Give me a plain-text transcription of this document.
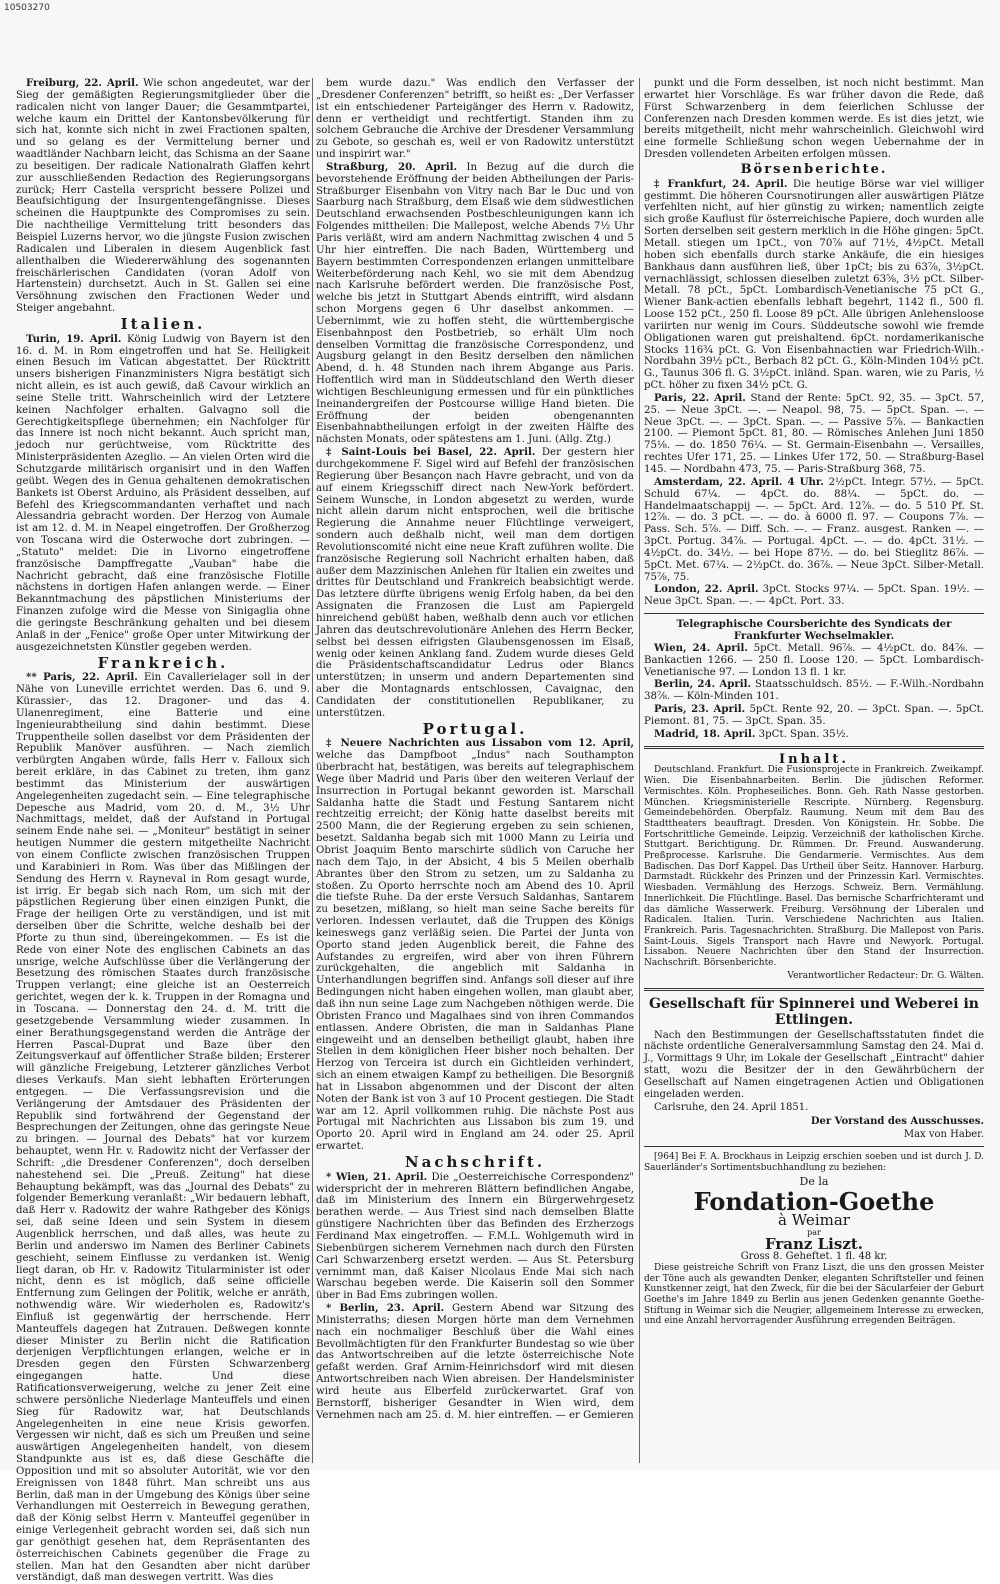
10503270

Freiburg, 22. April. Wie schon angedeutet, war der Sieg der gemäßigten Regierungsmitglieder über die radicalen nicht von langer Dauer; die Gesammtpartei, welche kaum ein Drittel der Kantonsbevölkerung für sich hat, konnte sich nicht in zwei Fractionen spalten, und so gelang es der Vermittelung berner und waadtländer Nachbarn leicht, das Schisma an der Saane zu beseitigen. Der radicale Nationalrath Glaffen kehrt zur ausschließenden Redaction des Regierungsorgans zurück; Herr Castella verspricht bessere Polizei und Beaufsichtigung der Insurgentengefängnisse. Dieses scheinen die Hauptpunkte des Compromises zu sein. Die nachtheilige Vermittelung tritt besonders das Beispiel Luzerns hervor, wo die jüngste Fusion zwischen Radicalen und Liberalen in diesem Augenblick fast allenthalben die Wiedererwählung des sogenannten freischärlerischen Candidaten (voran Adolf von Hartenstein) durchsetzt. Auch in St. Gallen sei eine Versöhnung zwischen den Fractionen Weder und Steiger angebahnt.

Italien.

Turin, 19. April. König Ludwig von Bayern ist den 16. d. M. in Rom eingetroffen und hat Se. Heiligkeit einen Besuch im Vatican abgestattet. Der Rücktritt unsers bisherigen Finanzministers Nigra bestätigt sich nicht allein, es ist auch gewiß, daß Cavour wirklich an seine Stelle tritt. Wahrscheinlich wird der Letztere keinen Nachfolger erhalten. Galvagno soll die Gerechtigkeitspflege übernehmen; ein Nachfolger für das Innere ist noch nicht bekannt. Auch spricht man, jedoch nur gerüchtweise, vom Rücktritte des Ministerpräsidenten Azeglio. — An vielen Orten wird die Schutzgarde militärisch organisirt und in den Waffen geübt. Wegen des in Genua gehaltenen demokratischen Bankets ist Oberst Arduino, als Präsident desselben, auf Befehl des Kriegscommandanten verhaftet und nach Alessandria gebracht worden. Der Herzog von Aumale ist am 12. d. M. in Neapel eingetroffen. Der Großherzog von Toscana wird die Osterwoche dort zubringen. — „Statuto" meldet: Die in Livorno eingetroffene französische Dampffregatte „Vauban" habe die Nachricht gebracht, daß eine französische Flotille nächstens in dortigen Hafen anlangen werde. — Einer Bekanntmachung des päpstlichen Ministeriums der Finanzen zufolge wird die Messe von Sinigaglia ohne die geringste Beschränkung gehalten und bei diesem Anlaß in der „Fenice" große Oper unter Mitwirkung der ausgezeichnetsten Künstler gegeben werden.

Frankreich.

** Paris, 22. April. Ein Cavallerielager soll in der Nähe von Luneville errichtet werden. Das 6. und 9. Kürassier-, das 12. Dragoner- und das 4. Ulanenregiment, eine Batterie und eine Ingenieurabtheilung sind dahin bestimmt. Diese Truppentheile sollen daselbst vor dem Präsidenten der Republik Manöver ausführen. — Nach ziemlich verbürgten Angaben würde, falls Herr v. Falloux sich bereit erkläre, in das Cabinet zu treten, ihm ganz bestimmt das Ministerium der auswärtigen Angelegenheiten zugedacht sein. — Eine telegraphische Depesche aus Madrid, vom 20. d. M., 3½ Uhr Nachmittags, meldet, daß der Aufstand in Portugal seinem Ende nahe sei. — „Moniteur" bestätigt in seiner heutigen Nummer die gestern mitgetheilte Nachricht von einem Conflicte zwischen französischen Truppen und Karabinieri in Rom. Was über das Mißlingen der Sendung des Herrn v. Rayneval in Rom gesagt wurde, ist irrig. Er begab sich nach Rom, um sich mit der päpstlichen Regierung über einen einzigen Punkt, die Frage der heiligen Orte zu verständigen, und ist mit derselben über die Schritte, welche deshalb bei der Pforte zu thun sind, übereingekommen. — Es ist die Rede von einer Note des englischen Cabinets an das unsrige, welche Aufschlüsse über die Verlängerung der Besetzung des römischen Staates durch französische Truppen verlangt; eine gleiche ist an Oesterreich gerichtet, wegen der k. k. Truppen in der Romagna und in Toscana. — Donnerstag den 24. d. M. tritt die gesetzgebende Versammlung wieder zusammen. In einer Berathungsgegenstand werden die Anträge der Herren Pascal-Duprat und Baze über den Zeitungsverkauf auf öffentlicher Straße bilden; Ersterer will gänzliche Freigebung, Letzterer gänzliches Verbot dieses Verkaufs. Man sieht lebhaften Erörterungen entgegen. — Die Verfassungsrevision und die Verlängerung der Amtsdauer des Präsidenten der Republik sind fortwährend der Gegenstand der Besprechungen der Zeitungen, ohne das geringste Neue zu bringen. — Journal des Debats" hat vor kurzem behauptet, wenn Hr. v. Radowitz nicht der Verfasser der Schrift: „die Dresdener Conferenzen", doch derselben nahestehend sei. Die „Preuß. Zeitung" hat diese Behauptung bekämpft, was das „Journal des Debats" zu folgender Bemerkung veranlaßt: „Wir bedauern lebhaft, daß Herr v. Radowitz der wahre Rathgeber des Königs sei, daß seine Ideen und sein System in diesem Augenblick herrschen, und daß alles, was heute zu Berlin und anderswo im Namen des Berliner Cabinets geschieht, seinem Einflusse zu verdanken ist. Wenig liegt daran, ob Hr. v. Radowitz Titularminister ist oder nicht, denn es ist möglich, daß seine officielle Entfernung zum Gelingen der Politik, welche er anräth, nothwendig wäre. Wir wiederholen es, Radowitz's Einfluß ist gegenwärtig der herrschende. Herr Manteuffels dagegen hat Zutrauen. Deßwegen konnte dieser Minister zu Berlin nicht die Ratification derjenigen Verpflichtungen erlangen, welche er in Dresden gegen den Fürsten Schwarzenberg eingegangen hatte. Und diese Ratificationsverweigerung, welche zu jener Zeit eine schwere persönliche Niederlage Manteuffels und einen Sieg für Radowitz war, hat Deutschlands Angelegenheiten in eine neue Krisis geworfen. Vergessen wir nicht, daß es sich um Preußen und seine auswärtigen Angelegenheiten handelt, von diesem Standpunkte aus ist es, daß diese Geschäfte die Opposition und mit so absoluter Autorität, wie vor den Ereignissen von 1848 führt. Man schreibt uns aus Berlin, daß man in der Umgebung des Königs über seine Verhandlungen mit Oesterreich in Bewegung gerathen, daß der König selbst Herrn v. Manteuffel gegenüber in einige Verlegenheit gebracht worden sei, daß sich nun gar genöthigt gesehen hat, dem Repräsentanten des österreichischen Cabinets gegenüber die Frage zu stellen. Man hat den Gesandten aber nicht darüber verständigt, daß man deswegen vertritt. Was dies

bem wurde dazu." Was endlich den Verfasser der „Dresdener Conferenzen" betrifft, so heißt es: „Der Verfasser ist ein entschiedener Parteigänger des Herrn v. Radowitz, denn er vertheidigt und rechtfertigt. Standen ihm zu solchem Gebrauche die Archive der Dresdener Versammlung zu Gebote, so geschah es, weil er von Radowitz unterstützt und inspirirt war."

Straßburg, 20. April. In Bezug auf die durch die bevorstehende Eröffnung der beiden Abtheilungen der Paris-Straßburger Eisenbahn von Vitry nach Bar le Duc und von Saarburg nach Straßburg, dem Elsaß wie dem südwestlichen Deutschland erwachsenden Postbeschleunigungen kann ich Folgendes mittheilen: Die Mallepost, welche Abends 7½ Uhr Paris verläßt, wird am andern Nachmittag zwischen 4 und 5 Uhr hier eintreffen. Die nach Baden, Württemberg und Bayern bestimmten Correspondenzen erlangen unmittelbare Weiterbeförderung nach Kehl, wo sie mit dem Abendzug nach Karlsruhe befördert werden. Die französische Post, welche bis jetzt in Stuttgart Abends eintrifft, wird alsdann schon Morgens gegen 6 Uhr daselbst ankommen. — Uebernimmt, wie zu hoffen steht, die württembergische Eisenbahnpost den Postbetrieb, so erhält Ulm noch denselben Vormittag die französische Correspondenz, und Augsburg gelangt in den Besitz derselben den nämlichen Abend, d. h. 48 Stunden nach ihrem Abgange aus Paris. Hoffentlich wird man in Süddeutschland den Werth dieser wichtigen Beschleunigung ermessen und für ein pünktliches Ineinandergreifen der Postcourse willige Hand bieten. Die Eröffnung der beiden obengenannten Eisenbahnabtheilungen erfolgt in der zweiten Hälfte des nächsten Monats, oder spätestens am 1. Juni. (Allg. Ztg.)

‡ Saint-Louis bei Basel, 22. April. Der gestern hier durchgekommene F. Sigel wird auf Befehl der französischen Regierung über Besançon nach Havre gebracht, und von da auf einem Kriegsschiff direct nach New-York befördert. Seinem Wunsche, in London abgesetzt zu werden, wurde nicht allein darum nicht entsprochen, weil die britische Regierung die Annahme neuer Flüchtlinge verweigert, sondern auch deßhalb nicht, weil man dem dortigen Revolutionscomité nicht eine neue Kraft zuführen wollte. Die französische Regierung soll Nachricht erhalten haben, daß außer dem Mazzinischen Anlehen für Italien ein zweites und drittes für Deutschland und Frankreich beabsichtigt werde. Das letztere dürfte übrigens wenig Erfolg haben, da bei den Assignaten die Franzosen die Lust am Papiergeld hinreichend gebüßt haben, weßhalb denn auch vor etlichen Jahren das deutschrevolutionäre Anlehen des Herrn Becker, selbst bei dessen eifrigsten Glaubensgenossen im Elsaß, wenig oder keinen Anklang fand. Zudem wurde dieses Geld die Präsidentschaftscandidatur Ledrus oder Blancs unterstützen; in unserm und andern Departementen sind aber die Montagnards entschlossen, Cavaignac, den Candidaten der constitutionellen Republikaner, zu unterstützen.

Portugal.

‡ Neuere Nachrichten aus Lissabon vom 12. April, welche das Dampfboot „Indus" nach Southampton überbracht hat, bestätigen, was bereits auf telegraphischem Wege über Madrid und Paris über den weiteren Verlauf der Insurrection in Portugal bekannt geworden ist. Marschall Saldanha hatte die Stadt und Festung Santarem nicht rechtzeitig erreicht; der König hatte daselbst bereits mit 2500 Mann, die der Regierung ergeben zu sein schienen, besetzt. Saldanha begab sich mit 1000 Mann zu Leiria und Obrist Joaquim Bento marschirte südlich von Caruche her nach dem Tajo, in der Absicht, 4 bis 5 Meilen oberhalb Abrantes über den Strom zu setzen, um zu Saldanha zu stoßen. Zu Oporto herrschte noch am Abend des 10. April die tiefste Ruhe. Da der erste Versuch Saldanhas, Santarem zu besetzen, mißlang, so hielt man seine Sache bereits für verloren. Indessen verlautet, daß die Truppen des Königs keineswegs ganz verläßig seien. Die Partei der Junta von Oporto stand jeden Augenblick bereit, die Fahne des Aufstandes zu ergreifen, wird aber von ihren Führern zurückgehalten, die angeblich mit Saldanha in Unterhandlungen begriffen sind. Anfangs soll dieser auf ihre Bedingungen nicht haben eingehen wollen, man glaubt aber, daß ihn nun seine Lage zum Nachgeben nöthigen werde. Die Obristen Franco und Magalhaes sind von ihren Commandos entlassen. Andere Obristen, die man in Saldanhas Plane eingeweiht und an denselben betheiligt glaubt, haben ihre Stellen in dem königlichen Heer bisher noch behalten. Der Herzog von Terceira ist durch ein Gichtleiden verhindert, sich an einem etwaigen Kampf zu betheiligen. Die Besorgniß hat in Lissabon abgenommen und der Discont der alten Noten der Bank ist von 3 auf 10 Procent gestiegen. Die Stadt war am 12. April vollkommen ruhig. Die nächste Post aus Portugal mit Nachrichten aus Lissabon bis zum 19. und Oporto 20. April wird in England am 24. oder 25. April erwartet.

Nachschrift.

* Wien, 21. April. Die „Oesterreichische Correspondenz" widerspricht der in mehreren Blättern befindlichen Angabe, daß im Ministerium des Innern ein Bürgerwehrgesetz berathen werde. — Aus Triest sind nach demselben Blatte günstigere Nachrichten über das Befinden des Erzherzogs Ferdinand Max eingetroffen. — F.M.L. Wohlgemuth wird in Siebenbürgen sicherem Vernehmen nach durch den Fürsten Carl Schwarzenberg ersetzt werden. — Aus St. Petersburg vernimmt man, daß Kaiser Nicolaus Ende Mai sich nach Warschau begeben werde. Die Kaiserin soll den Sommer über in Bad Ems zubringen wollen.

* Berlin, 23. April. Gestern Abend war Sitzung des Ministerraths; diesen Morgen hörte man dem Vernehmen nach ein nochmaliger Beschluß über die Wahl eines Bevollmächtigten für den Frankfurter Bundestag so wie über das Antwortschreiben auf die letzte österreichische Note gefaßt werden. Graf Arnim-Heinrichsdorf wird mit diesen Antwortschreiben nach Wien abreisen. Der Handelsminister wird heute aus Elberfeld zurückerwartet. Graf von Bernstorff, bisheriger Gesandter in Wien wird, dem Vernehmen nach am 25. d. M. hier eintreffen. — er Gemieren

punkt und die Form desselben, ist noch nicht bestimmt. Man erwartet hier Vorschläge. Es war früher davon die Rede, daß Fürst Schwarzenberg in dem feierlichen Schlusse der Conferenzen nach Dresden kommen werde. Es ist dies jetzt, wie bereits mitgetheilt, nicht mehr wahrscheinlich. Gleichwohl wird eine formelle Schließung schon wegen Uebernahme der in Dresden vollendeten Arbeiten erfolgen müssen.

Börsenberichte.

‡ Frankfurt, 24. April. Die heutige Börse war viel williger gestimmt. Die höheren Coursnotirungen aller auswärtigen Plätze verfehlten nicht, auf hier günstig zu wirken; namentlich zeigte sich große Kauflust für österreichische Papiere, doch wurden alle Sorten derselben seit gestern merklich in die Höhe gingen: 5pCt. Metall. stiegen um 1pCt., von 70⅞ auf 71½, 4½pCt. Metall hoben sich ebenfalls durch starke Ankäufe, die ein hiesiges Bankhaus dann ausführen ließ, über 1pCt; bis zu 63⅞, 3½pCt. vernachlässigt, schlossen dieselben zuletzt 63⅝, 3½ pCt. Silber-Metall. 78 pCt., 5pCt. Lombardisch-Venetianische 75 pCt G., Wiener Bank-actien ebenfalls lebhaft begehrt, 1142 fl., 500 fl. Loose 152 pCt., 250 fl. Loose 89 pCt. Alle übrigen Anlehensloose variirten nur wenig im Cours. Süddeutsche sowohl wie fremde Obligationen waren gut preishaltend. 6pCt. nordamerikanische Stocks 116¾ pCt. G. Von Eisenbahnactien war Friedrich-Wilh.-Nordbahn 39½ pCt., Berbach 82 pCt. G., Köln-Minden 104½ pCt. G., Taunus 306 fl. G. 3½pCt. inländ. Span. waren, wie zu Paris, ½ pCt. höher zu fixen 34½ pCt. G.

Paris, 22. April. Stand der Rente: 5pCt. 92, 35. — 3pCt. 57, 25. — Neue 3pCt. —. — Neapol. 98, 75. — 5pCt. Span. —. — Neue 3pCt. —. — 3pCt. Span. —. — Passive 5⅞. — Bankactien 2100. — Piemont 5pCt. 81, 80. — Römisches Anlehen Juni 1850 75⅛. — do. 1850 76¼. — St. Germain-Eisenbahn —. Versailles, rechtes Ufer 171, 25. — Linkes Ufer 172, 50. — Straßburg-Basel 145. — Nordbahn 473, 75. — Paris-Straßburg 368, 75.

Amsterdam, 22. April. 4 Uhr. 2½pCt. Integr. 57½. — 5pCt. Schuld 67¼. — 4pCt. do. 88¼. — 5pCt. do. — Handelmaatschappij —. — 5pCt. Ard. 12⅞. — do. 5 510 Pf. St. 12⅞. — do. 3 pCt. —. — do. à 6000 fl. 97. — Coupons 7⅞. — Pass. Sch. 5⅞. — Diff. Sch. —. — Franz. ausgest. Ranken —. — 3pCt. Portug. 34⅞. — Portugal. 4pCt. —. — do. 4pCt. 31½. — 4½pCt. do. 34½. — bei Hope 87½. — do. bei Stieglitz 86⅞. — 5pCt. Met. 67¼. — 2½pCt. do. 36⅞. — Neue 3pCt. Silber-Metall. 75⅞, 75.

London, 22. April. 3pCt. Stocks 97¼. — 5pCt. Span. 19½. — Neue 3pCt. Span. —. — 4pCt. Port. 33.

Telegraphische Coursberichte des Syndicats der Frankfurter Wechselmakler.

Wien, 24. April. 5pCt. Metall. 96⅞. — 4½pCt. do. 84⅞. — Bankactien 1266. — 250 fl. Loose 120. — 5pCt. Lombardisch-Venetianische 97. — London 13 fl. 1 kr.

Berlin, 24. April. Staatsschuldsch. 85½. — F.-Wilh.-Nordbahn 38⅞. — Köln-Minden 101.

Paris, 23. April. 5pCt. Rente 92, 20. — 3pCt. Span. —. 5pCt. Piemont. 81, 75. — 3pCt. Span. 35.

Madrid, 18. April. 3pCt. Span. 35½.

Inhalt.

Deutschland. Frankfurt. Die Fusionsprojecte in Frankreich. Zweikampf. Wien. Die Eisenbahnarbeiten. Berlin. Die jüdischen Reformer. Vermischtes. Köln. Propheseiliches. Bonn. Geh. Rath Nasse gestorben. München. Kriegsministerielle Rescripte. Nürnberg. Regensburg. Gemeindebehörden. Oberpfalz. Raumung. Neum mit dem Bau des Stadttheaters beauftragt. Dresden. Von Königstein. Hr. Sobbe. Die Fortschrittliche Gemeinde. Leipzig. Verzeichniß der katholischen Kirche. Stuttgart. Berichtigung. Dr. Rümmen. Dr. Freund. Auswanderung. Preßprocesse. Karlsruhe. Die Gendarmerie. Vermischtes. Aus dem Badischen. Das Dorf Kappel. Das Urtheil über Seitz. Hannover. Harburg. Darmstadt. Rückkehr des Prinzen und der Prinzessin Karl. Vermischtes. Wiesbaden. Vermählung des Herzogs. Schweiz. Bern. Vermählung. Innerlichkeit. Die Flüchtlinge. Basel. Das bernische Scharfrichteramt und das dämliche Wasserwerk. Freiburg. Versöhnung der Liberalen und Radicalen. Italien. Turin. Verschiedene Nachrichten aus Italien. Frankreich. Paris. Tagesnachrichten. Straßburg. Die Mallepost von Paris. Saint-Louis. Sigels Transport nach Havre und Newyork. Portugal. Lissabon. Neuere Nachrichten über den Stand der Insurrection. Nachschrift. Börsenberichte.

Verantwortlicher Redacteur: Dr. G. Wälten.
Gesellschaft für Spinnerei und Weberei in Ettlingen.

Nach den Bestimmungen der Gesellschaftsstatuten findet die nächste ordentliche Generalversammlung Samstag den 24. Mai d. J., Vormittags 9 Uhr, im Lokale der Gesellschaft „Eintracht" dahier statt, wozu die Besitzer der in den Gewährbüchern der Gesellschaft auf Namen eingetragenen Actien und Obligationen eingeladen werden.

Carlsruhe, den 24. April 1851.

Der Vorstand des Ausschusses.
Max von Haber.

[964] Bei F. A. Brockhaus in Leipzig erschien soeben und ist durch J. D. Sauerländer's Sortimentsbuchhandlung zu beziehen:

De la
Fondation-Goethe
à Weimar
par
Franz Liszt.
Gross 8. Geheftet. 1 fl. 48 kr.

Diese geistreiche Schrift von Franz Liszt, die uns den grossen Meister der Töne auch als gewandten Denker, eleganten Schriftsteller und feinen Kunstkenner zeigt, hat den Zweck, für die bei der Säcularfeier der Geburt Goethe's im Jahre 1849 zu Berlin aus jenen Gedenken genannte Goethe-Stiftung in Weimar sich die Neugier, allgemeinem Interesse zu erwecken, und eine Anzahl hervorragender Ausführung erregenden Beiträgen.
